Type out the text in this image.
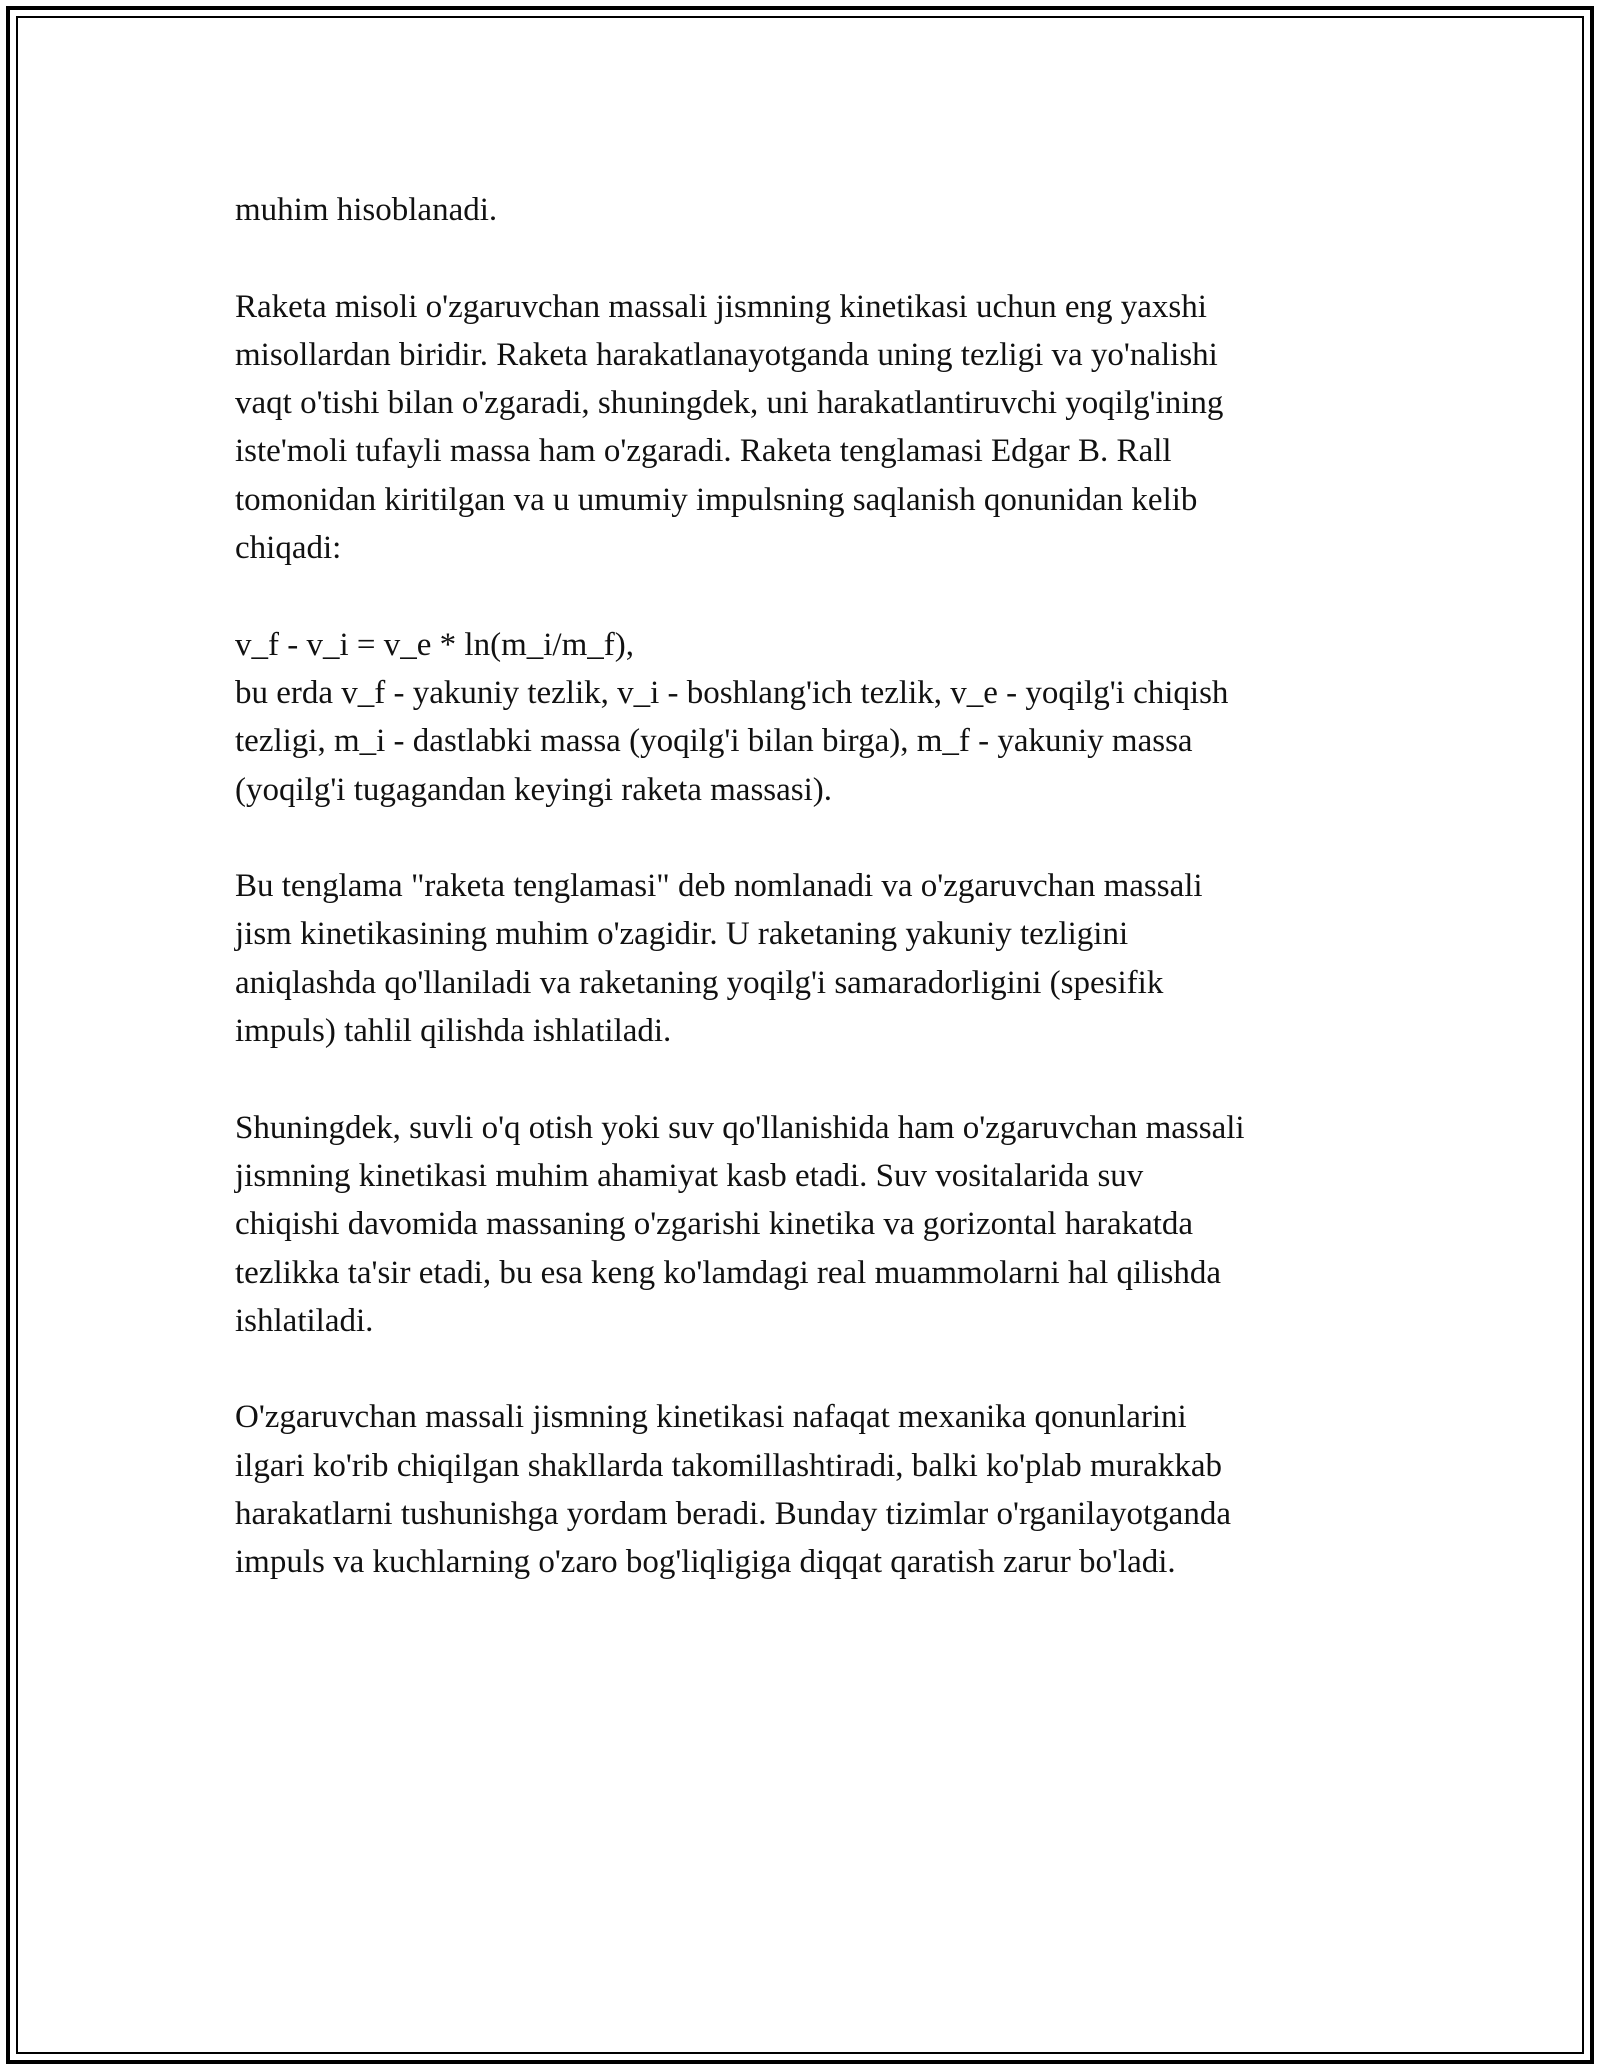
muhim hisoblanadi.
Raketa misoli o'zgaruvchan massali jismning kinetikasi uchun eng yaxshi
misollardan biridir. Raketa harakatlanayotganda uning tezligi va yo'nalishi
vaqt o'tishi bilan o'zgaradi, shuningdek, uni harakatlantiruvchi yoqilg'ining
iste'moli tufayli massa ham o'zgaradi. Raketa tenglamasi Edgar B. Rall
tomonidan kiritilgan va u umumiy impulsning saqlanish qonunidan kelib
chiqadi:
v_f - v_i = v_e * ln(m_i/m_f),
bu erda v_f - yakuniy tezlik, v_i - boshlang'ich tezlik, v_e - yoqilg'i chiqish
tezligi, m_i - dastlabki massa (yoqilg'i bilan birga), m_f - yakuniy massa
(yoqilg'i tugagandan keyingi raketa massasi).
Bu tenglama "raketa tenglamasi" deb nomlanadi va o'zgaruvchan massali
jism kinetikasining muhim o'zagidir. U raketaning yakuniy tezligini
aniqlashda qo'llaniladi va raketaning yoqilg'i samaradorligini (spesifik
impuls) tahlil qilishda ishlatiladi.
Shuningdek, suvli o'q otish yoki suv qo'llanishida ham o'zgaruvchan massali
jismning kinetikasi muhim ahamiyat kasb etadi. Suv vositalarida suv
chiqishi davomida massaning o'zgarishi kinetika va gorizontal harakatda
tezlikka ta'sir etadi, bu esa keng ko'lamdagi real muammolarni hal qilishda
ishlatiladi.
O'zgaruvchan massali jismning kinetikasi nafaqat mexanika qonunlarini
ilgari ko'rib chiqilgan shakllarda takomillashtiradi, balki ko'plab murakkab
harakatlarni tushunishga yordam beradi. Bunday tizimlar o'rganilayotganda
impuls va kuchlarning o'zaro bog'liqligiga diqqat qaratish zarur bo'ladi.
